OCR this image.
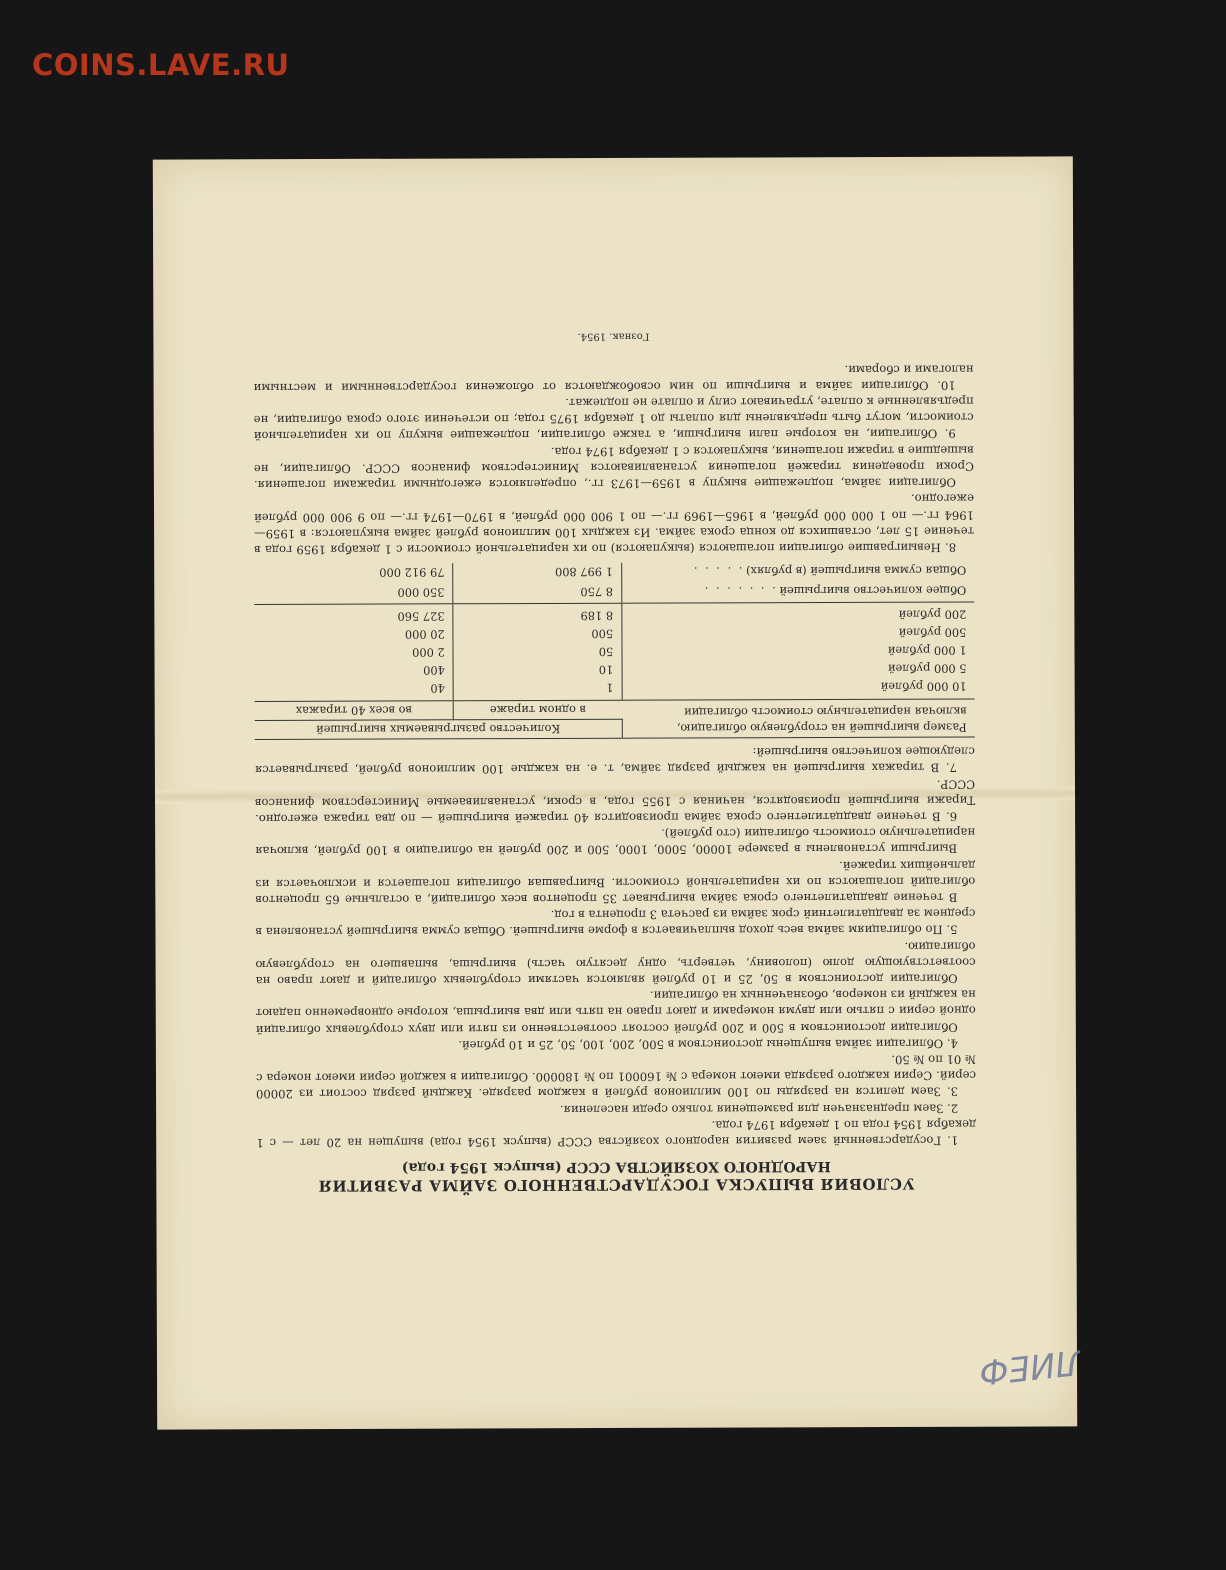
COINS.LAVE.RU

УСЛОВИЯ ВЫПУСКА ГОСУДАРСТВЕННОГО ЗАЙМА РАЗВИТИЯ

НАРОДНОГО ХОЗЯЙСТВА СССР (выпуск 1954 года)

1. Государственный заем развития народного хозяйства СССР (выпуск 1954 года) выпущен на 20 лет — с 1 декабря 1954 года по 1 декабря 1974 года.

2. Заем предназначен для размещения только среди населения.

3. Заем делится на разряды по 100 миллионов рублей в каждом разряде. Каждый разряд состоит из 20000 серий. Серии каждого разряда имеют номера с № 160001 по № 180000. Облигации в каждой серии имеют номера с № 01 по № 50.

4. Облигации займа выпущены достоинством в 500, 200, 100, 50, 25 и 10 рублей.

Облигации достоинством в 500 и 200 рублей состоят соответственно из пяти или двух сторублевых облигаций одной серии с пятью или двумя номерами и дают право на пять или два выигрыша, которые одновременно падают на каждый из номеров, обозначенных на облигации.

Облигации достоинством в 50, 25 и 10 рублей являются частями сторублевых облигаций и дают право на соответствующую долю (половину, четверть, одну десятую часть) выигрыша, выпавшего на сторублевую облигацию.

5. По облигациям займа весь доход выплачивается в форме выигрышей. Общая сумма выигрышей установлена в среднем за двадцатилетний срок займа из расчета 3 процента в год.

В течение двадцатилетнего срока займа выигрывает 35 процентов всех облигаций, а остальные 65 процентов облигаций погашаются по их нарицательной стоимости. Выигравшая облигация погашается и исключается из дальнейших тиражей.

Выигрыши установлены в размере 10000, 5000, 1000, 500 и 200 рублей на облигацию в 100 рублей, включая нарицательную стоимость облигации (сто рублей).

6. В течение двадцатилетнего срока займа производится 40 тиражей выигрышей — по два тиража ежегодно. Тиражи выигрышей производятся, начиная с 1955 года, в сроки, устанавливаемые Министерством финансов СССР.

7. В тиражах выигрышей на каждый разряд займа, т. е. на каждые 100 миллионов рублей, разыгрывается следующее количество выигрышей:

Размер выигрышей на сторублевую облигацию, включая нарицательную стоимость облигации	Количество разыгрываемых выигрышей	
	в одном тираже	во всех 40 тиражах
10 000 рублей	1	40
5 000 рублей	10	400
1 000 рублей	50	2 000
500 рублей	500	20 000
200 рублей	8 189	327 560
Общее количество выигрышей . . . . . . .	8 750	350 000
Общая сумма выигрышей (в рублях) . . . . .	1 997 800	79 912 000

8. Невыигравшие облигации погашаются (выкупаются) по их нарицательной стоимости с 1 декабря 1959 года в течение 15 лет, оставшихся до конца срока займа. Из каждых 100 миллионов рублей займа выкупаются: в 1959—1964 гг.— по 1 000 000 рублей, в 1965—1969 гг.— по 1 900 000 рублей, в 1970—1974 гг.— по 9 900 000 рублей ежегодно.

Облигации займа, подлежащие выкупу в 1959—1973 гг., определяются ежегодными тиражами погашения. Сроки проведения тиражей погашения устанавливаются Министерством финансов СССР. Облигации, не вышедшие в тиражи погашения, выкупаются с 1 декабря 1974 года.

9. Облигации, на которые пали выигрыши, а также облигации, подлежащие выкупу по их нарицательной стоимости, могут быть предъявлены для оплаты до 1 декабря 1975 года; по истечении этого срока облигации, не предъявленные к оплате, утрачивают силу и оплате не подлежат.

10. Облигации займа и выигрыши по ним освобождаются от обложения государственными и местными налогами и сборами.

Гознак. 1954.

ЛИЕФ
